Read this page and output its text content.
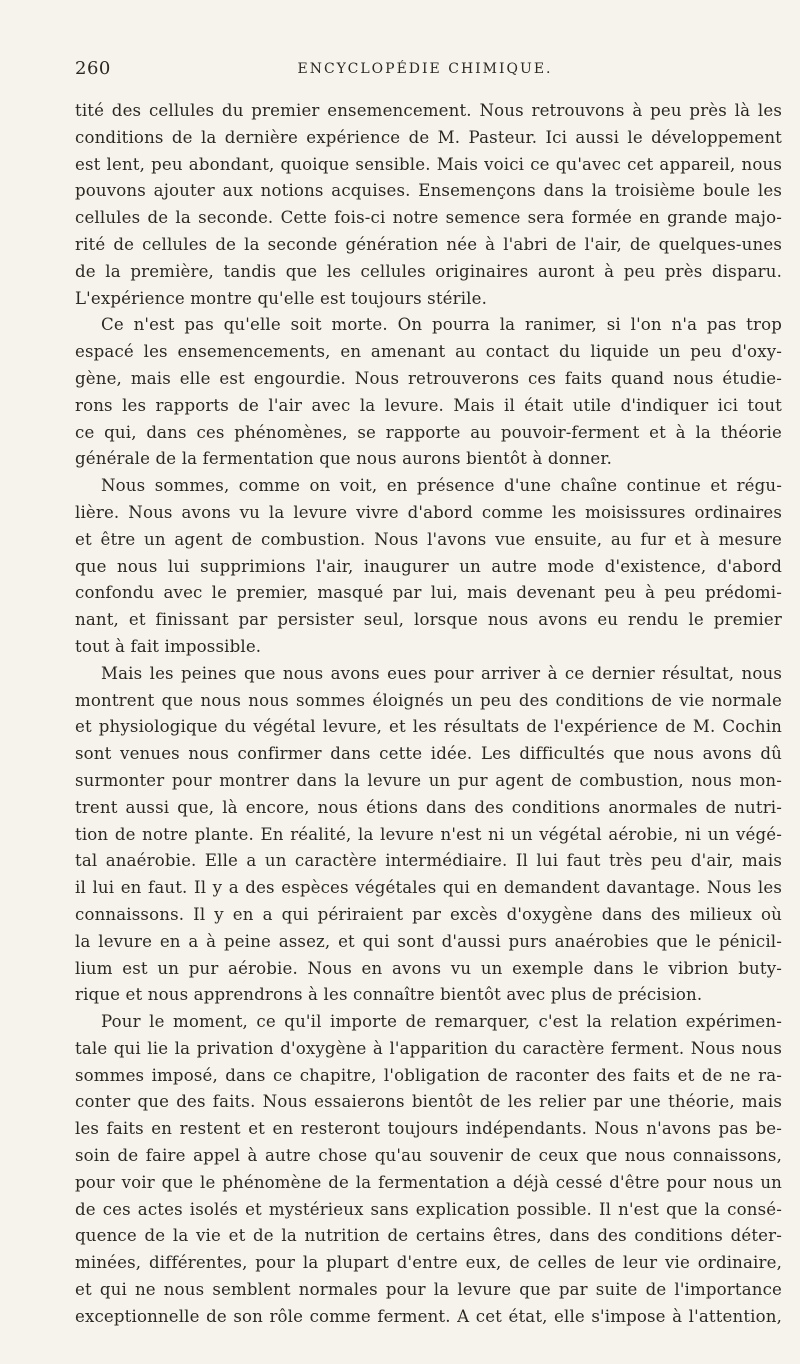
260	ENCYCLOPÉDIE CHIMIQUE.

tité des cellules du premier ensemencement. Nous retrouvons à peu près là les

conditions de la dernière expérience de M. Pasteur. Ici aussi le développement

est lent, peu abondant, quoique sensible. Mais voici ce qu'avec cet appareil, nous

pouvons ajouter aux notions acquises. Ensemençons dans la troisième boule les

cellules de la seconde. Cette fois-ci notre semence sera formée en grande majo-

rité de cellules de la seconde génération née à l'abri de l'air, de quelques-unes

de la première, tandis que les cellules originaires auront à peu près disparu.

L'expérience montre qu'elle est toujours stérile.

Ce n'est pas qu'elle soit morte. On pourra la ranimer, si l'on n'a pas trop

espacé les ensemencements, en amenant au contact du liquide un peu d'oxy-

gène, mais elle est engourdie. Nous retrouverons ces faits quand nous étudie-

rons les rapports de l'air avec la levure. Mais il était utile d'indiquer ici tout

ce qui, dans ces phénomènes, se rapporte au pouvoir-ferment et à la théorie

générale de la fermentation que nous aurons bientôt à donner.

Nous sommes, comme on voit, en présence d'une chaîne continue et régu-

lière. Nous avons vu la levure vivre d'abord comme les moisissures ordinaires

et être un agent de combustion. Nous l'avons vue ensuite, au fur et à mesure

que nous lui supprimions l'air, inaugurer un autre mode d'existence, d'abord

confondu avec le premier, masqué par lui, mais devenant peu à peu prédomi-

nant, et finissant par persister seul, lorsque nous avons eu rendu le premier

tout à fait impossible.

Mais les peines que nous avons eues pour arriver à ce dernier résultat, nous

montrent que nous nous sommes éloignés un peu des conditions de vie normale

et physiologique du végétal levure, et les résultats de l'expérience de M. Cochin

sont venues nous confirmer dans cette idée. Les difficultés que nous avons dû

surmonter pour montrer dans la levure un pur agent de combustion, nous mon-

trent aussi que, là encore, nous étions dans des conditions anormales de nutri-

tion de notre plante. En réalité, la levure n'est ni un végétal aérobie, ni un végé-

tal anaérobie. Elle a un caractère intermédiaire. Il lui faut très peu d'air, mais

il lui en faut. Il y a des espèces végétales qui en demandent davantage. Nous les

connaissons. Il y en a qui périraient par excès d'oxygène dans des milieux où

la levure en a à peine assez, et qui sont d'aussi purs anaérobies que le pénicil-

lium est un pur aérobie. Nous en avons vu un exemple dans le vibrion buty-

rique et nous apprendrons à les connaître bientôt avec plus de précision.

Pour le moment, ce qu'il importe de remarquer, c'est la relation expérimen-

tale qui lie la privation d'oxygène à l'apparition du caractère ferment. Nous nous

sommes imposé, dans ce chapitre, l'obligation de raconter des faits et de ne ra-

conter que des faits. Nous essaierons bientôt de les relier par une théorie, mais

les faits en restent et en resteront toujours indépendants. Nous n'avons pas be-

soin de faire appel à autre chose qu'au souvenir de ceux que nous connaissons,

pour voir que le phénomène de la fermentation a déjà cessé d'être pour nous un

de ces actes isolés et mystérieux sans explication possible. Il n'est que la consé-

quence de la vie et de la nutrition de certains êtres, dans des conditions déter-

minées, différentes, pour la plupart d'entre eux, de celles de leur vie ordinaire,

et qui ne nous semblent normales pour la levure que par suite de l'importance

exceptionnelle de son rôle comme ferment. A cet état, elle s'impose à l'attention,
